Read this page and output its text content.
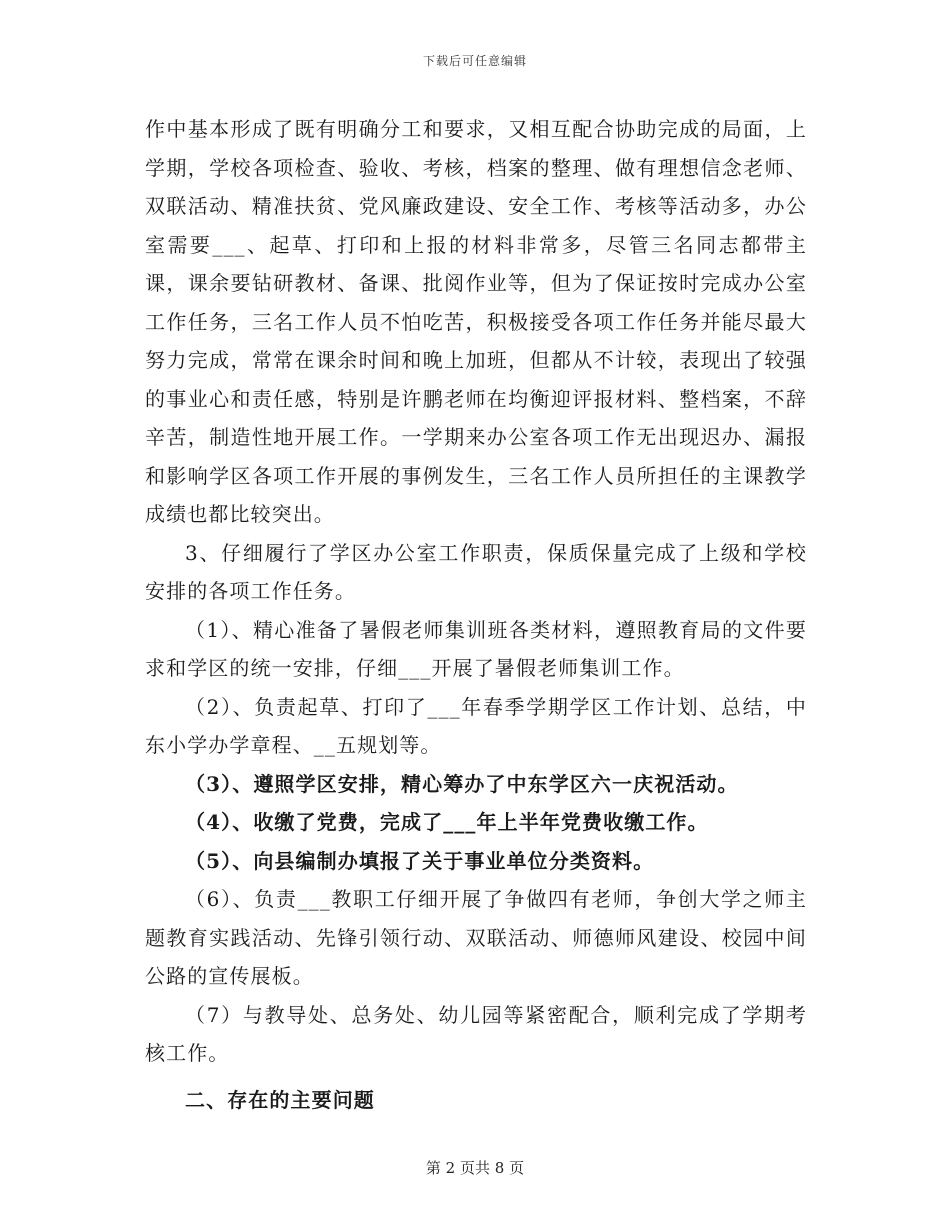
下载后可任意编辑

作中基本形成了既有明确分工和要求，又相互配合协助完成的局面，上学期，学校各项检查、验收、考核，档案的整理、做有理想信念老师、双联活动、精准扶贫、党风廉政建设、安全工作、考核等活动多，办公室需要___、起草、打印和上报的材料非常多，尽管三名同志都带主课，课余要钻研教材、备课、批阅作业等，但为了保证按时完成办公室工作任务，三名工作人员不怕吃苦，积极接受各项工作任务并能尽最大努力完成，常常在课余时间和晚上加班，但都从不计较，表现出了较强的事业心和责任感，特别是许鹏老师在均衡迎评报材料、整档案，不辞辛苦，制造性地开展工作。一学期来办公室各项工作无出现迟办、漏报和影响学区各项工作开展的事例发生，三名工作人员所担任的主课教学成绩也都比较突出。

3、仔细履行了学区办公室工作职责，保质保量完成了上级和学校安排的各项工作任务。

（1）、精心准备了暑假老师集训班各类材料，遵照教育局的文件要求和学区的统一安排，仔细___开展了暑假老师集训工作。

（2）、负责起草、打印了___年春季学期学区工作计划、总结，中东小学办学章程、__五规划等。

（3）、遵照学区安排，精心筹办了中东学区六一庆祝活动。

（4）、收缴了党费，完成了___年上半年党费收缴工作。

（5）、向县编制办填报了关于事业单位分类资料。

（6）、负责___教职工仔细开展了争做四有老师，争创大学之师主题教育实践活动、先锋引领行动、双联活动、师德师风建设、校园中间公路的宣传展板。

（7）与教导处、总务处、幼儿园等紧密配合，顺利完成了学期考核工作。

二、存在的主要问题

第 2 页共 8 页
